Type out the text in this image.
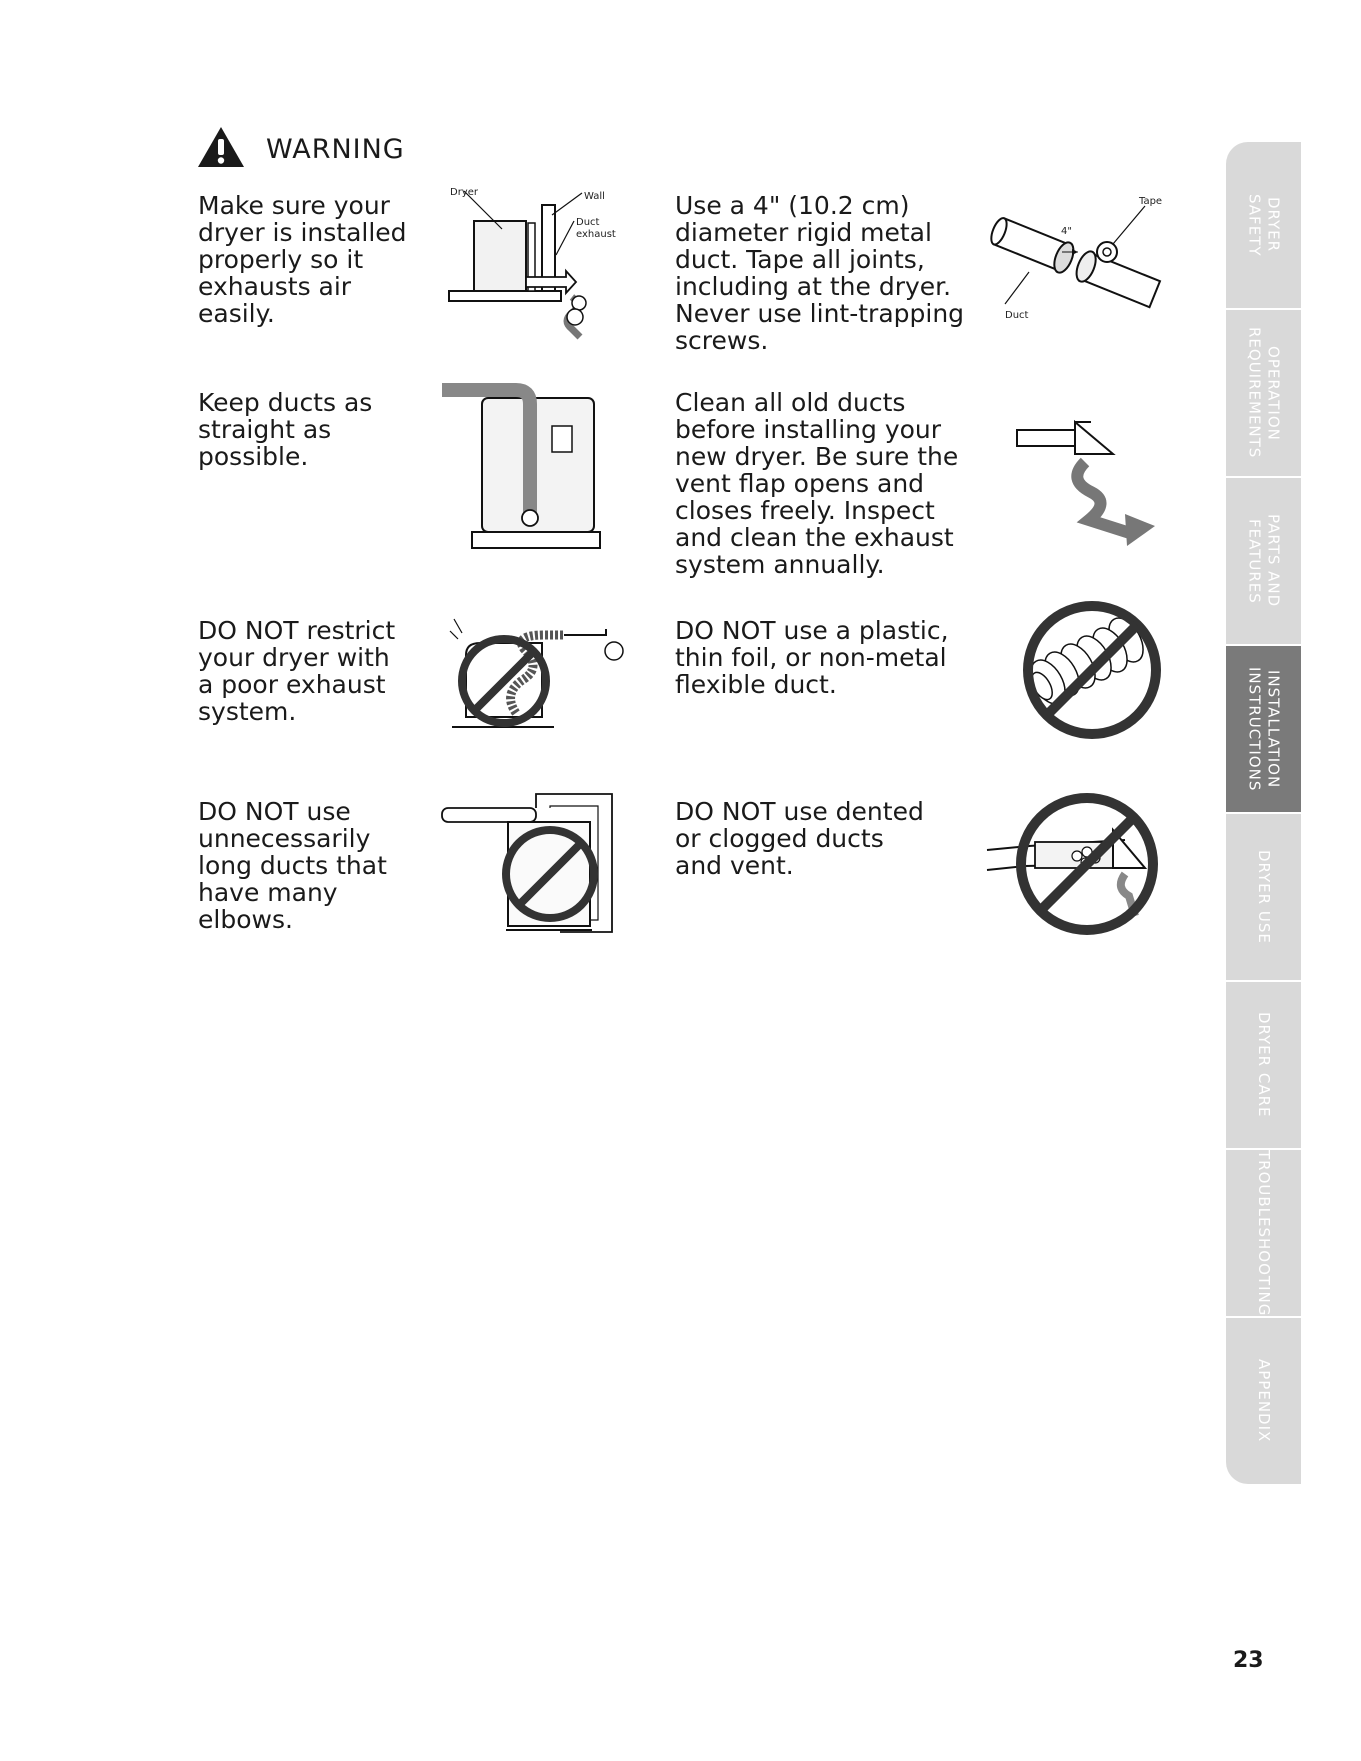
WARNING

Make sure your
dryer is installed
properly so it
exhausts air
easily.

Dryer	Wall
Duct exhaust

Use a 4" (10.2 cm)
diameter rigid metal
duct. Tape all joints,
including at the dryer.
Never use lint-trapping
screws.

Tape
4"
Duct

Keep ducts as
straight as
possible.

Clean all old ducts
before installing your
new dryer. Be sure the
vent flap opens and
closes freely. Inspect
and clean the exhaust
system annually.

DO NOT restrict
your dryer with
a poor exhaust
system.

DO NOT use a plastic,
thin foil, or non-metal
flexible duct.

DO NOT use
unnecessarily
long ducts that
have many
elbows.

DO NOT use dented
or clogged ducts
and vent.

DRYER
SAFETY
OPERATION
REQUIREMENTS
PARTS AND
FEATURES
INSTALLATION
INSTRUCTIONS
DRYER USE
DRYER CARE
TROUBLESHOOTING
APPENDIX
23
